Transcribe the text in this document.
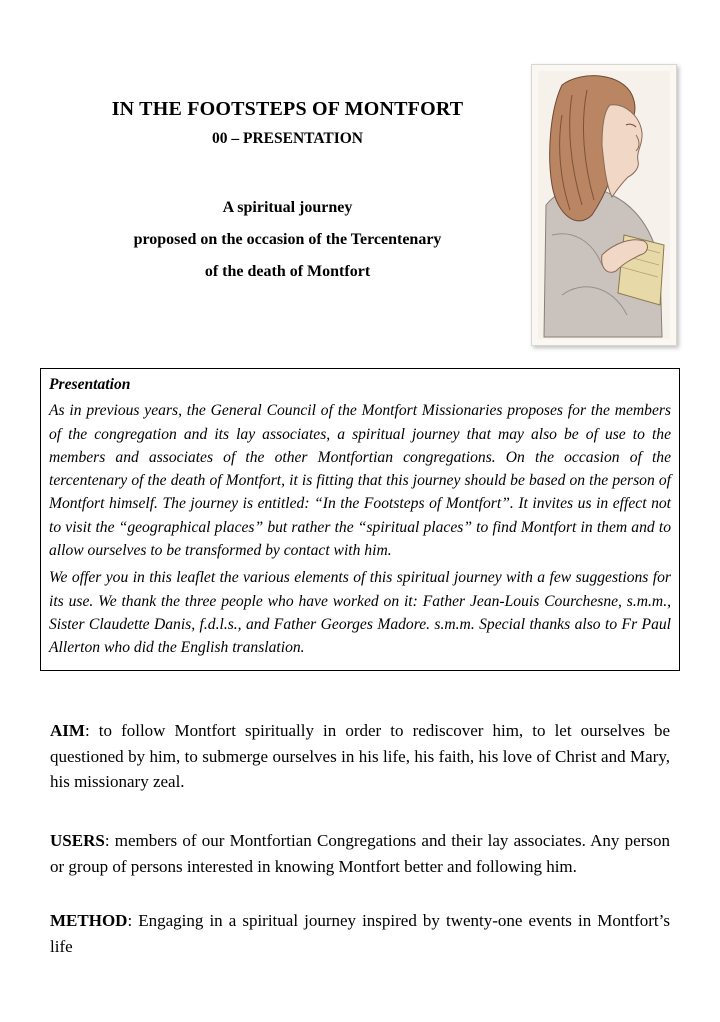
IN THE FOOTSTEPS OF MONTFORT
00 – PRESENTATION
A spiritual journey
proposed on the occasion of the Tercentenary
of the death of Montfort

Presentation

As in previous years, the General Council of the Montfort Missionaries proposes for the members of the congregation and its lay associates, a spiritual journey that may also be of use to the members and associates of the other Montfortian congregations. On the occasion of the tercentenary of the death of Montfort, it is fitting that this journey should be based on the person of Montfort himself. The journey is entitled: “In the Footsteps of Montfort”. It invites us in effect not to visit the “geographical places” but rather the “spiritual places” to find Montfort in them and to allow ourselves to be transformed by contact with him.

We offer you in this leaflet the various elements of this spiritual journey with a few suggestions for its use. We thank the three people who have worked on it: Father Jean-Louis Courchesne, s.m.m., Sister Claudette Danis, f.d.l.s., and Father Georges Madore. s.m.m. Special thanks also to Fr Paul Allerton who did the English translation.

AIM: to follow Montfort spiritually in order to rediscover him, to let ourselves be questioned by him, to submerge ourselves in his life, his faith, his love of Christ and Mary, his missionary zeal.
USERS: members of our Montfortian Congregations and their lay associates. Any person or group of persons interested in knowing Montfort better and following him.
METHOD: Engaging in a spiritual journey inspired by twenty-one events in Montfort’s life
